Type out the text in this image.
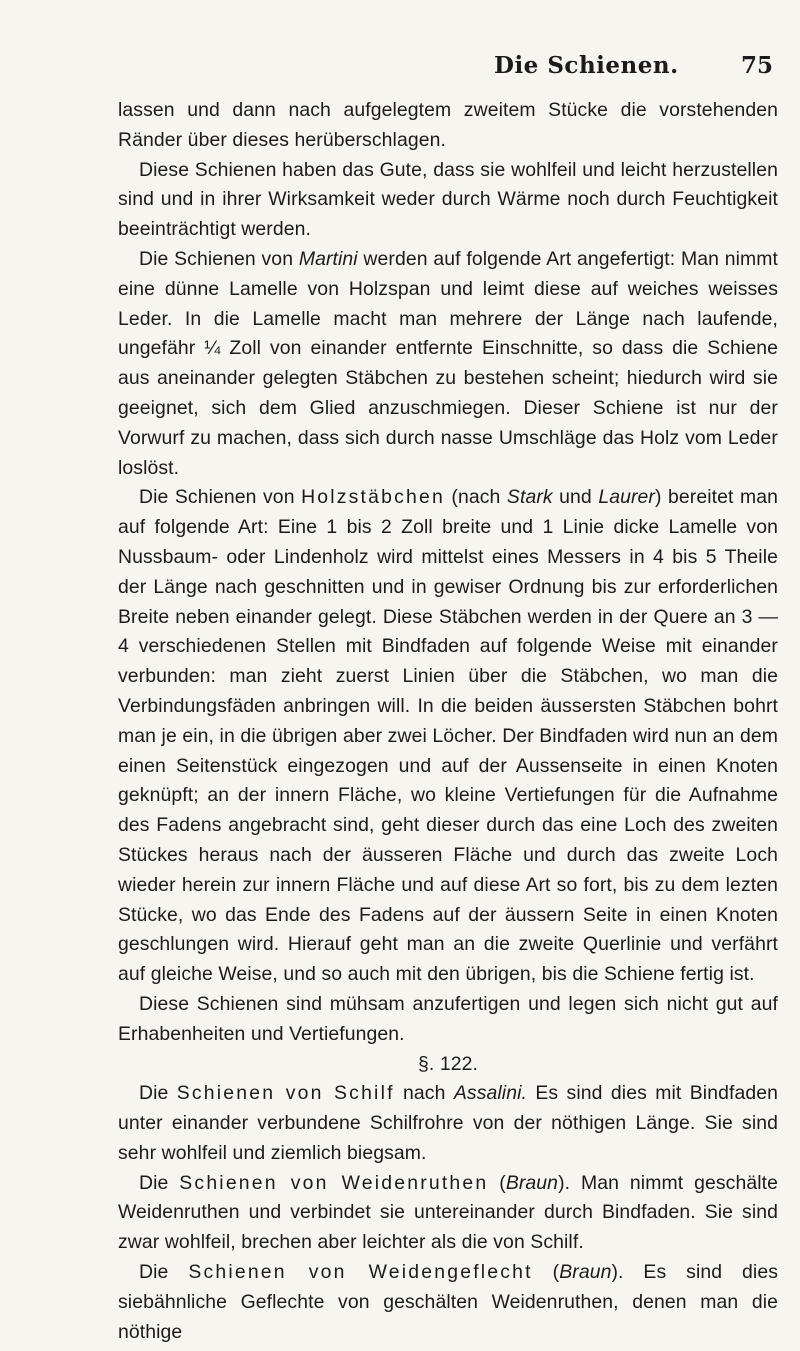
Die Schienen.	75

lassen und dann nach aufgelegtem zweitem Stücke die vorstehenden Ränder über dieses herüberschlagen.

Diese Schienen haben das Gute, dass sie wohlfeil und leicht herzustellen sind und in ihrer Wirksamkeit weder durch Wärme noch durch Feuchtigkeit beeinträchtigt werden.

Die Schienen von Martini werden auf folgende Art angefertigt: Man nimmt eine dünne Lamelle von Holzspan und leimt diese auf weiches weisses Leder. In die Lamelle macht man mehrere der Länge nach laufende, ungefähr ¼ Zoll von einander entfernte Einschnitte, so dass die Schiene aus aneinander gelegten Stäbchen zu bestehen scheint; hiedurch wird sie geeignet, sich dem Glied anzuschmiegen. Dieser Schiene ist nur der Vorwurf zu machen, dass sich durch nasse Umschläge das Holz vom Leder loslöst.

Die Schienen von Holzstäbchen (nach Stark und Laurer) bereitet man auf folgende Art: Eine 1 bis 2 Zoll breite und 1 Linie dicke Lamelle von Nussbaum- oder Lindenholz wird mittelst eines Messers in 4 bis 5 Theile der Länge nach geschnitten und in gewiser Ordnung bis zur erforderlichen Breite neben einander gelegt. Diese Stäbchen werden in der Quere an 3 — 4 verschiedenen Stellen mit Bindfaden auf folgende Weise mit einander verbunden: man zieht zuerst Linien über die Stäbchen, wo man die Verbindungsfäden anbringen will. In die beiden äussersten Stäbchen bohrt man je ein, in die übrigen aber zwei Löcher. Der Bindfaden wird nun an dem einen Seitenstück eingezogen und auf der Aussenseite in einen Knoten geknüpft; an der innern Fläche, wo kleine Vertiefungen für die Aufnahme des Fadens angebracht sind, geht dieser durch das eine Loch des zweiten Stückes heraus nach der äusseren Fläche und durch das zweite Loch wieder herein zur innern Fläche und auf diese Art so fort, bis zu dem lezten Stücke, wo das Ende des Fadens auf der äussern Seite in einen Knoten geschlungen wird. Hierauf geht man an die zweite Querlinie und verfährt auf gleiche Weise, und so auch mit den übrigen, bis die Schiene fertig ist.

Diese Schienen sind mühsam anzufertigen und legen sich nicht gut auf Erhabenheiten und Vertiefungen.

§. 122.

Die Schienen von Schilf nach Assalini. Es sind dies mit Bindfaden unter einander verbundene Schilfrohre von der nöthigen Länge. Sie sind sehr wohlfeil und ziemlich biegsam.

Die Schienen von Weidenruthen (Braun). Man nimmt geschälte Weidenruthen und verbindet sie untereinander durch Bindfaden. Sie sind zwar wohlfeil, brechen aber leichter als die von Schilf.

Die Schienen von Weidengeflecht (Braun). Es sind dies siebähnliche Geflechte von geschälten Weidenruthen, denen man die nöthige
